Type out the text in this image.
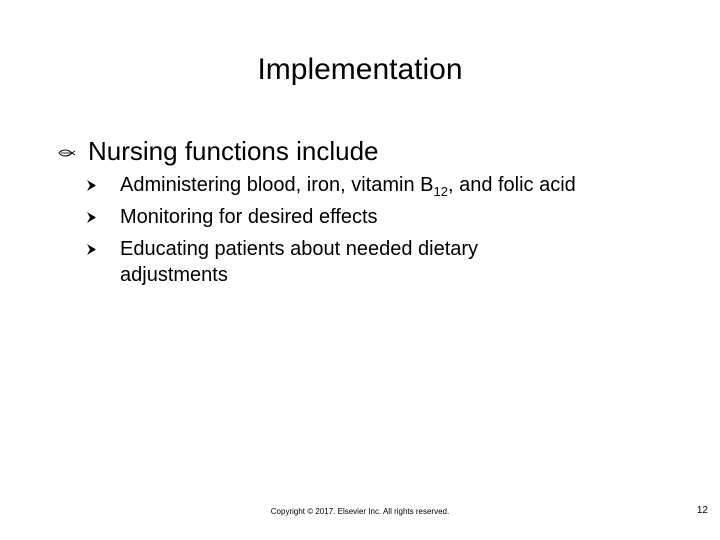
Implementation
Nursing functions include
Administering blood, iron, vitamin $B_{12}$, and folic acid
Monitoring for desired effects
Educating patients about needed dietary adjustments
Copyright © 2017. Elsevier Inc. All rights reserved.	12
